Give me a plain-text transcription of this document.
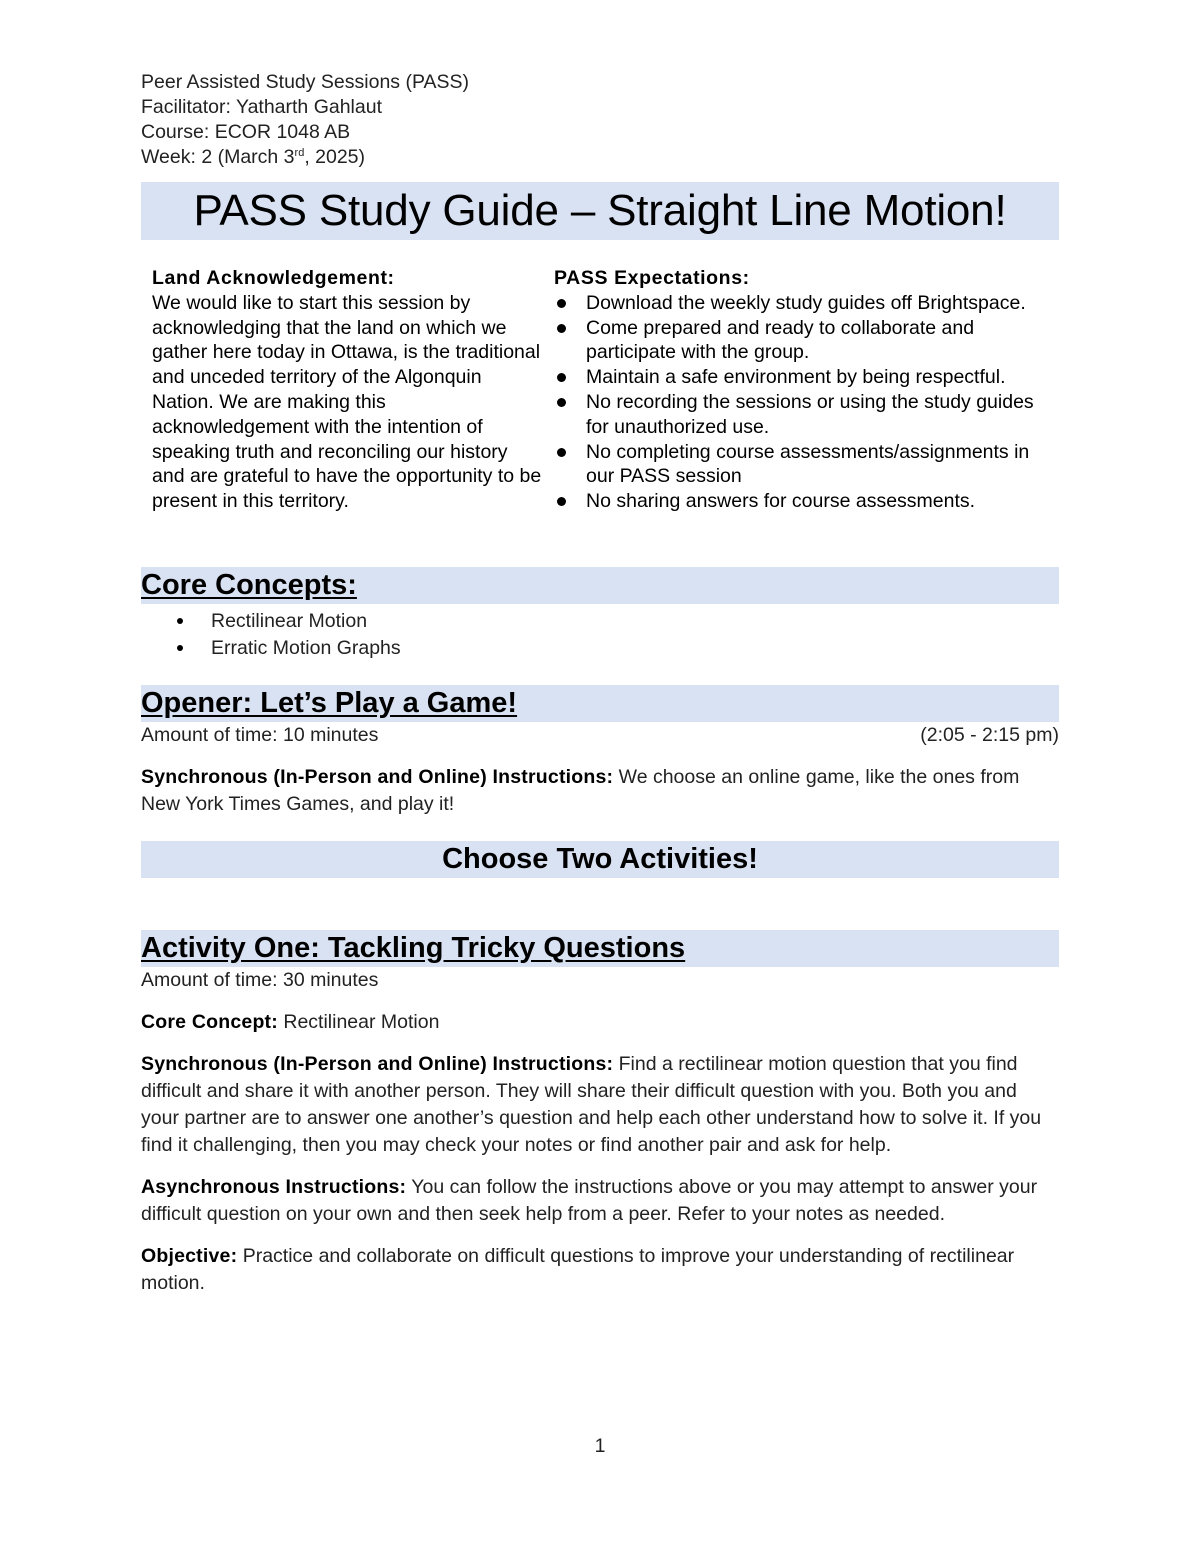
Peer Assisted Study Sessions (PASS)
Facilitator: Yatharth Gahlaut
Course: ECOR 1048 AB
Week: 2 (March 3rd, 2025)
PASS Study Guide – Straight Line Motion!
Land Acknowledgement:
We would like to start this session by acknowledging that the land on which we gather here today in Ottawa, is the traditional and unceded territory of the Algonquin Nation. We are making this acknowledgement with the intention of speaking truth and reconciling our history and are grateful to have the opportunity to be present in this territory.
PASS Expectations:
Download the weekly study guides off Brightspace.
Come prepared and ready to collaborate and participate with the group.
Maintain a safe environment by being respectful.
No recording the sessions or using the study guides for unauthorized use.
No completing course assessments/assignments in our PASS session
No sharing answers for course assessments.
Core Concepts:
Rectilinear Motion
Erratic Motion Graphs
Opener: Let’s Play a Game!
Amount of time: 10 minutes	(2:05 - 2:15 pm)

Synchronous (In-Person and Online) Instructions: We choose an online game, like the ones from New York Times Games, and play it!

Choose Two Activities!
Activity One: Tackling Tricky Questions
Amount of time: 30 minutes

Core Concept: Rectilinear Motion

Synchronous (In-Person and Online) Instructions: Find a rectilinear motion question that you find difficult and share it with another person. They will share their difficult question with you. Both you and your partner are to answer one another’s question and help each other understand how to solve it. If you find it challenging, then you may check your notes or find another pair and ask for help.

Asynchronous Instructions: You can follow the instructions above or you may attempt to answer your difficult question on your own and then seek help from a peer. Refer to your notes as needed.

Objective: Practice and collaborate on difficult questions to improve your understanding of rectilinear motion.

1
